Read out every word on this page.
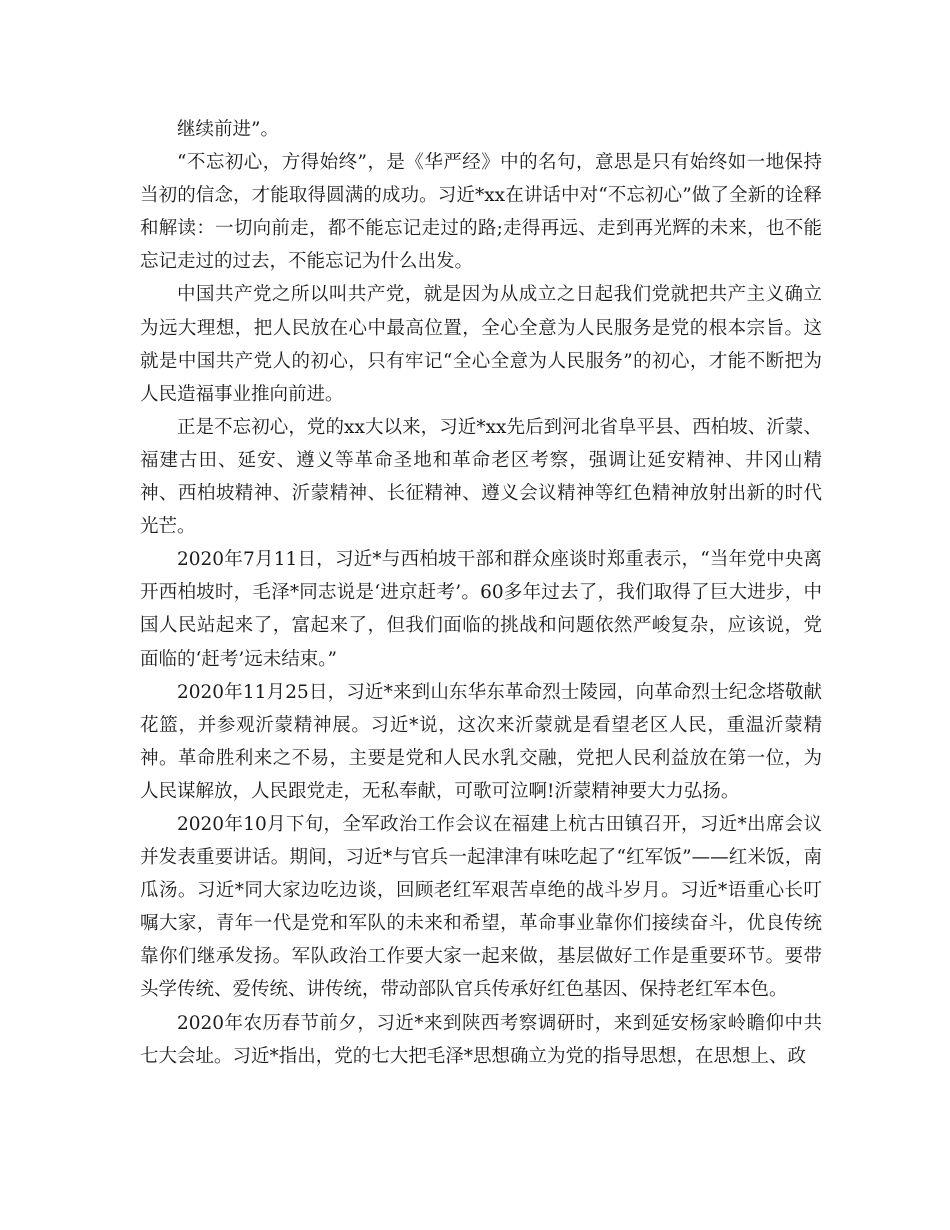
继续前进”。

“不忘初心，方得始终”，是《华严经》中的名句，意思是只有始终如一地保持当初的信念，才能取得圆满的成功。习近*xx在讲话中对“不忘初心”做了全新的诠释和解读：一切向前走，都不能忘记走过的路;走得再远、走到再光辉的未来，也不能忘记走过的过去，不能忘记为什么出发。

中国共产党之所以叫共产党，就是因为从成立之日起我们党就把共产主义确立为远大理想，把人民放在心中最高位置，全心全意为人民服务是党的根本宗旨。这就是中国共产党人的初心，只有牢记“全心全意为人民服务”的初心，才能不断把为人民造福事业推向前进。

正是不忘初心，党的xx大以来，习近*xx先后到河北省阜平县、西柏坡、沂蒙、福建古田、延安、遵义等革命圣地和革命老区考察，强调让延安精神、井冈山精神、西柏坡精神、沂蒙精神、长征精神、遵义会议精神等红色精神放射出新的时代光芒。

2020年7月11日，习近*与西柏坡干部和群众座谈时郑重表示，“当年党中央离开西柏坡时，毛泽*同志说是‘进京赶考’。60多年过去了，我们取得了巨大进步，中国人民站起来了，富起来了，但我们面临的挑战和问题依然严峻复杂，应该说，党面临的‘赶考’远未结束。”

2020年11月25日，习近*来到山东华东革命烈士陵园，向革命烈士纪念塔敬献花篮，并参观沂蒙精神展。习近*说，这次来沂蒙就是看望老区人民，重温沂蒙精神。革命胜利来之不易，主要是党和人民水乳交融，党把人民利益放在第一位，为人民谋解放，人民跟党走，无私奉献，可歌可泣啊!沂蒙精神要大力弘扬。

2020年10月下旬，全军政治工作会议在福建上杭古田镇召开，习近*出席会议并发表重要讲话。期间，习近*与官兵一起津津有味吃起了“红军饭”——红米饭，南瓜汤。习近*同大家边吃边谈，回顾老红军艰苦卓绝的战斗岁月。习近*语重心长叮嘱大家，青年一代是党和军队的未来和希望，革命事业靠你们接续奋斗，优良传统靠你们继承发扬。军队政治工作要大家一起来做，基层做好工作是重要环节。要带头学传统、爱传统、讲传统，带动部队官兵传承好红色基因、保持老红军本色。

2020年农历春节前夕，习近*来到陕西考察调研时，来到延安杨家岭瞻仰中共七大会址。习近*指出，党的七大把毛泽*思想确立为党的指导思想，在思想上、政
